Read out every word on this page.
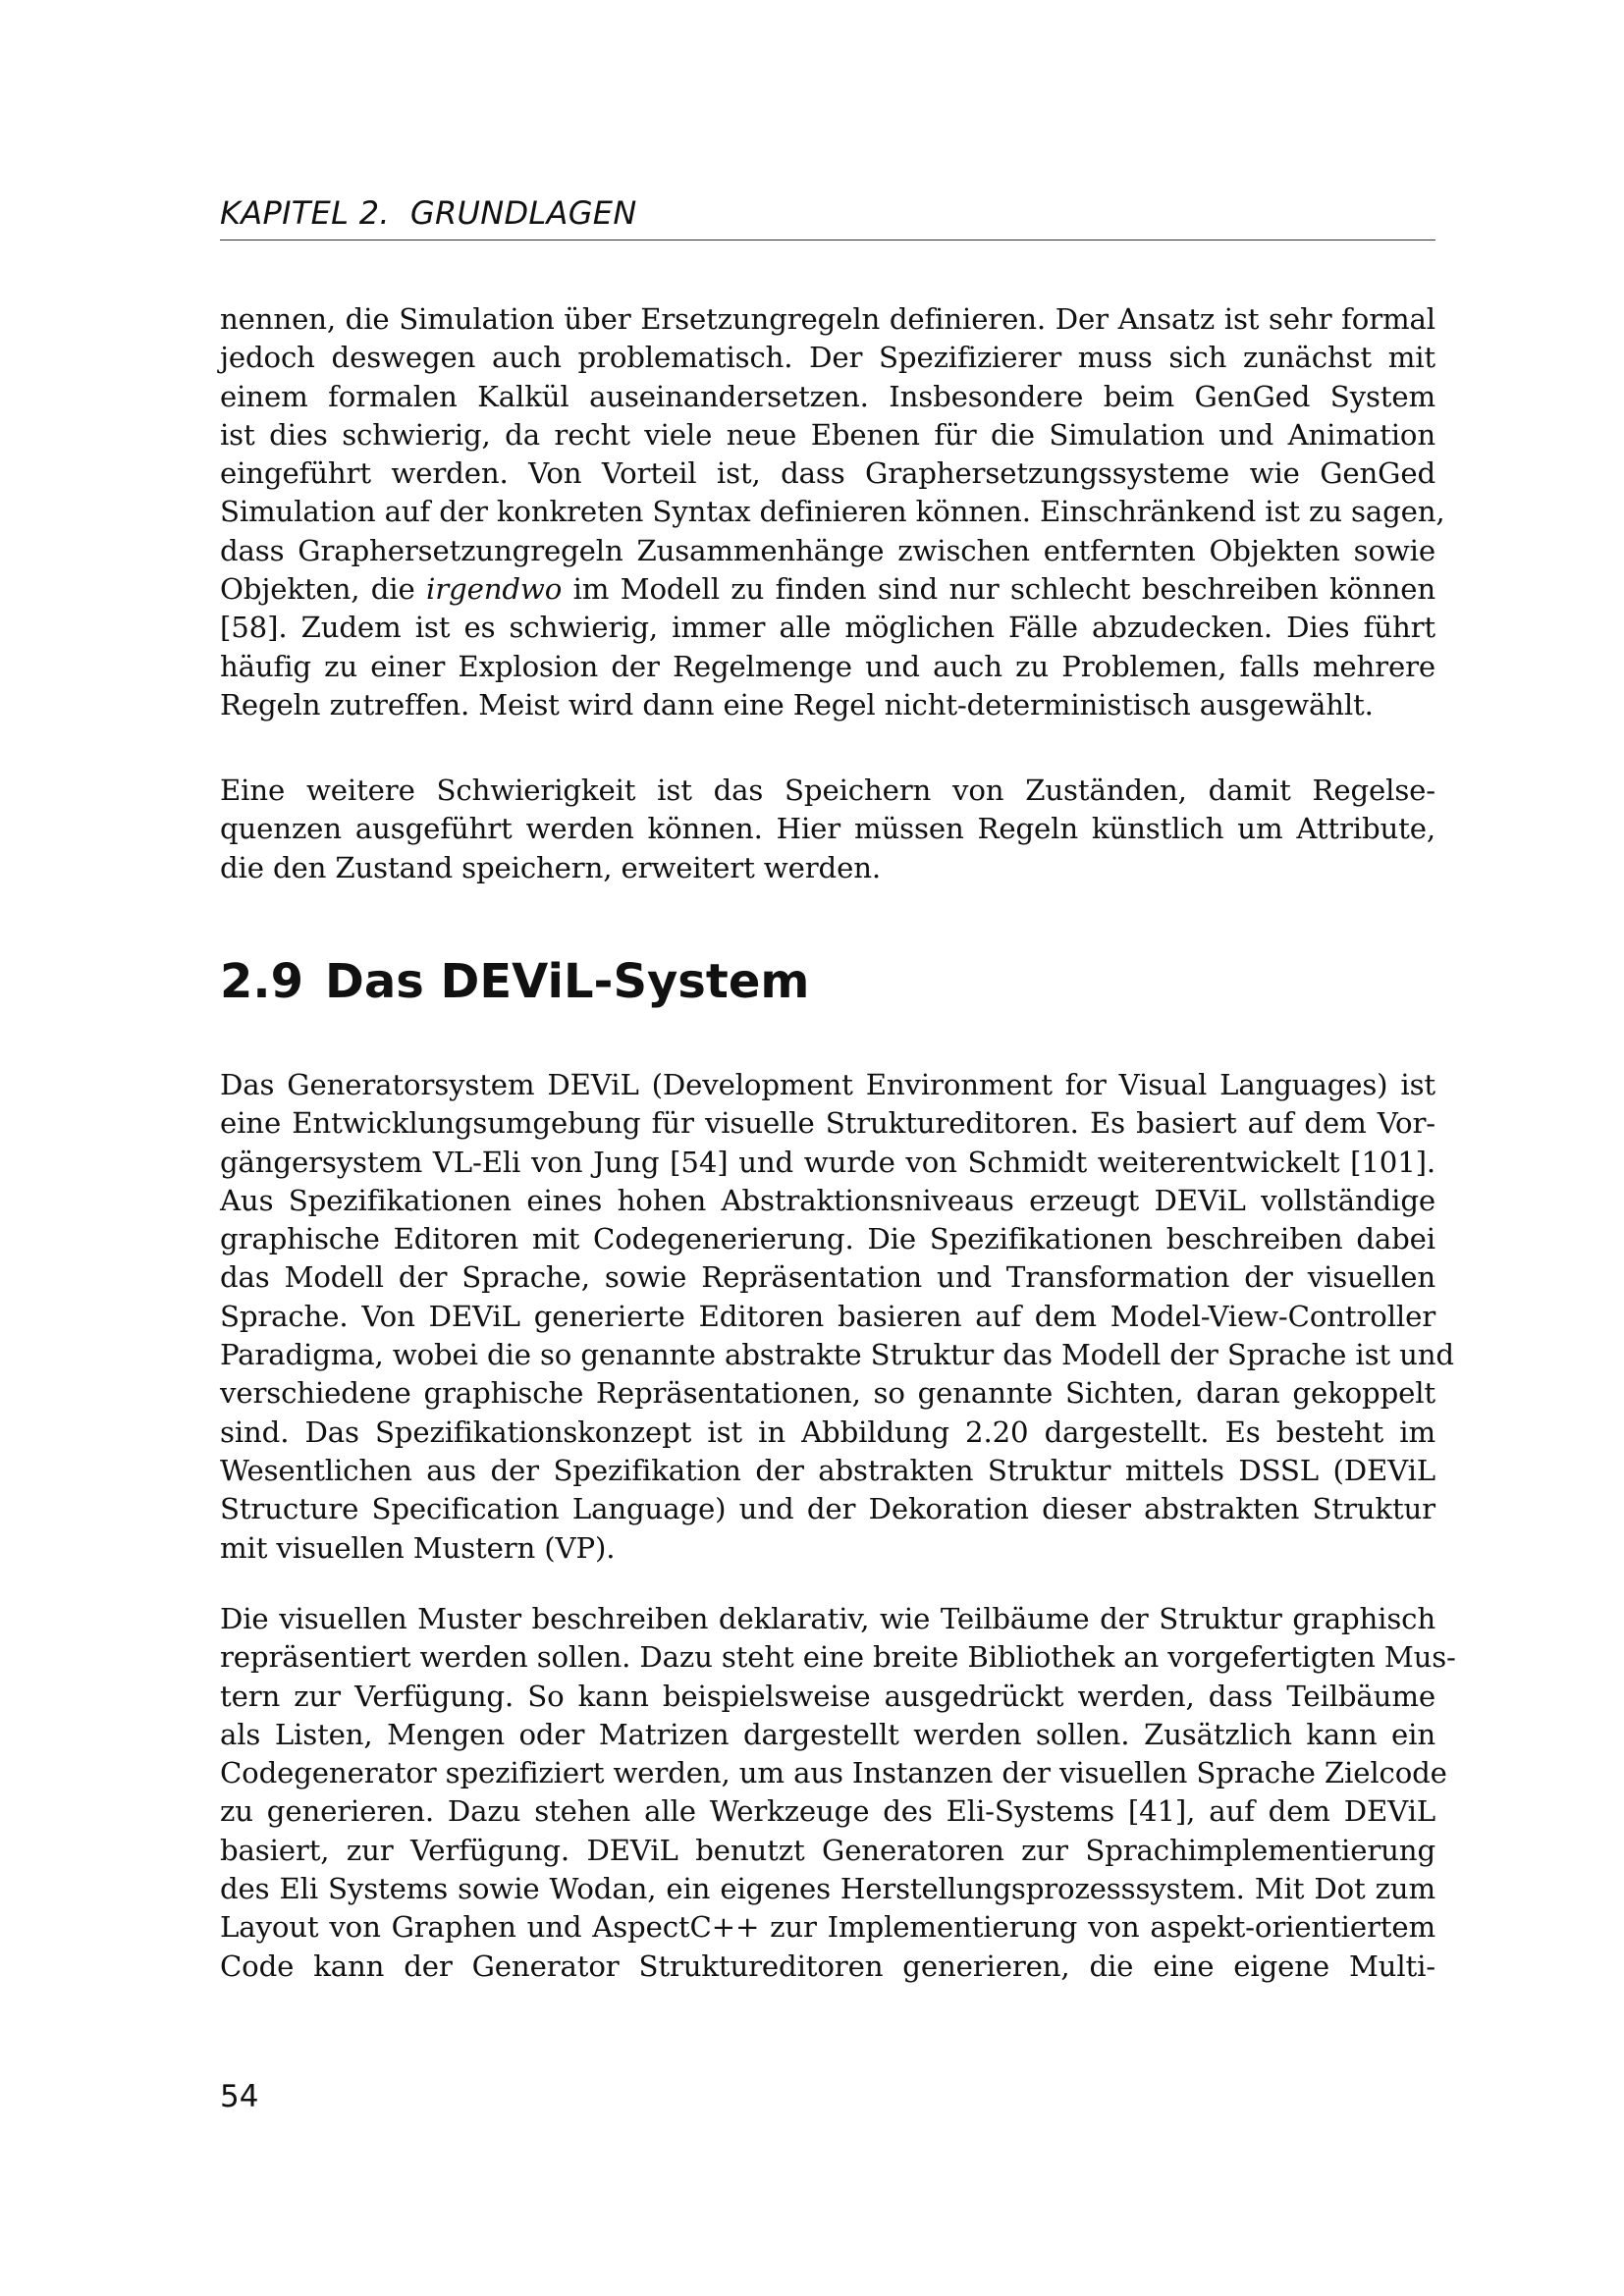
KAPITEL 2.  GRUNDLAGEN
nennen, die Simulation über Ersetzungregeln definieren. Der Ansatz ist sehr formal
jedoch deswegen auch problematisch. Der Spezifizierer muss sich zunächst mit
einem formalen Kalkül auseinandersetzen. Insbesondere beim GenGed System
ist dies schwierig, da recht viele neue Ebenen für die Simulation und Animation
eingeführt werden. Von Vorteil ist, dass Graphersetzungssysteme wie GenGed
Simulation auf der konkreten Syntax definieren können. Einschränkend ist zu sagen,
dass Graphersetzungregeln Zusammenhänge zwischen entfernten Objekten sowie
Objekten, die irgendwo im Modell zu finden sind nur schlecht beschreiben können
[58]. Zudem ist es schwierig, immer alle möglichen Fälle abzudecken. Dies führt
häufig zu einer Explosion der Regelmenge und auch zu Problemen, falls mehrere
Regeln zutreffen. Meist wird dann eine Regel nicht-deterministisch ausgewählt.
Eine weitere Schwierigkeit ist das Speichern von Zuständen, damit Regelse-
quenzen ausgeführt werden können. Hier müssen Regeln künstlich um Attribute,
die den Zustand speichern, erweitert werden.
2.9 Das DEViL-System
Das Generatorsystem DEViL (Development Environment for Visual Languages) ist
eine Entwicklungsumgebung für visuelle Struktureditoren. Es basiert auf dem Vor-
gängersystem VL-Eli von Jung [54] und wurde von Schmidt weiterentwickelt [101].
Aus Spezifikationen eines hohen Abstraktionsniveaus erzeugt DEViL vollständige
graphische Editoren mit Codegenerierung. Die Spezifikationen beschreiben dabei
das Modell der Sprache, sowie Repräsentation und Transformation der visuellen
Sprache. Von DEViL generierte Editoren basieren auf dem Model-View-Controller
Paradigma, wobei die so genannte abstrakte Struktur das Modell der Sprache ist und
verschiedene graphische Repräsentationen, so genannte Sichten, daran gekoppelt
sind. Das Spezifikationskonzept ist in Abbildung 2.20 dargestellt. Es besteht im
Wesentlichen aus der Spezifikation der abstrakten Struktur mittels DSSL (DEViL
Structure Specification Language) und der Dekoration dieser abstrakten Struktur
mit visuellen Mustern (VP).
Die visuellen Muster beschreiben deklarativ, wie Teilbäume der Struktur graphisch
repräsentiert werden sollen. Dazu steht eine breite Bibliothek an vorgefertigten Mus-
tern zur Verfügung. So kann beispielsweise ausgedrückt werden, dass Teilbäume
als Listen, Mengen oder Matrizen dargestellt werden sollen. Zusätzlich kann ein
Codegenerator spezifiziert werden, um aus Instanzen der visuellen Sprache Zielcode
zu generieren. Dazu stehen alle Werkzeuge des Eli-Systems [41], auf dem DEViL
basiert, zur Verfügung. DEViL benutzt Generatoren zur Sprachimplementierung
des Eli Systems sowie Wodan, ein eigenes Herstellungsprozesssystem. Mit Dot zum
Layout von Graphen und AspectC++ zur Implementierung von aspekt-orientiertem
Code kann der Generator Struktureditoren generieren, die eine eigene Multi-
54
